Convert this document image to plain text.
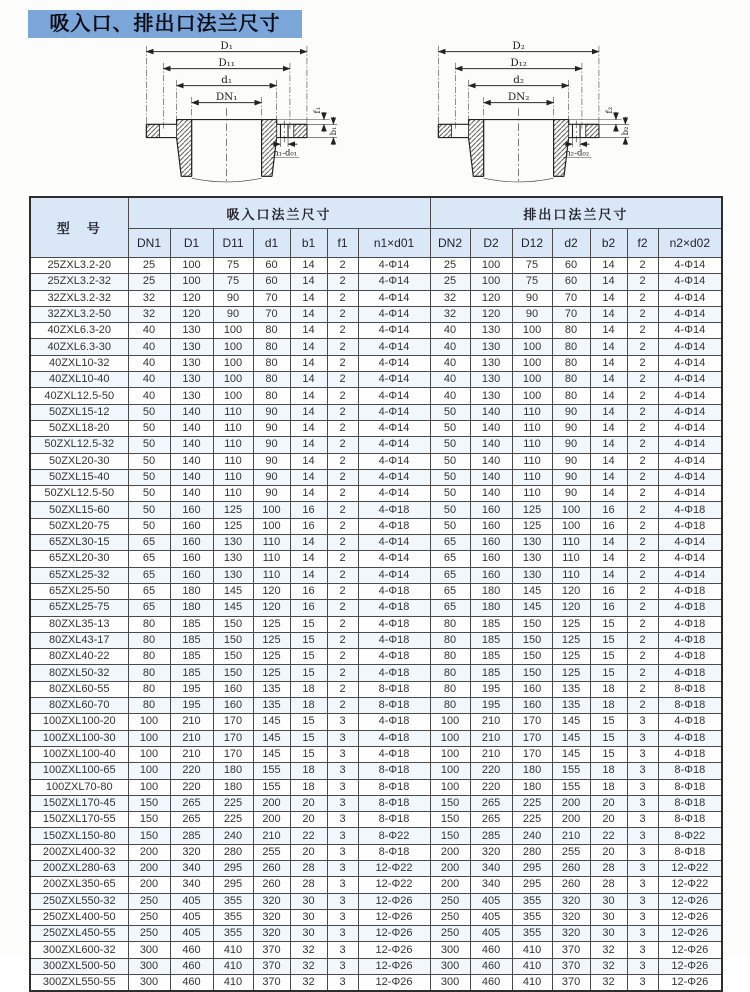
吸入口、排出口法兰尺寸
D₁
D₁₁
d₁
DN₁
f₁
b₁
n₁-d₀₁
D₂
D₁₂
d₂
DN₂
f₂
b₂
n₂-d₀₂
型　号	吸入口法兰尺寸							排出口法兰尺寸						
	DN1	D1	D11	d1	b1	f1	n1×d01	DN2	D2	D12	d2	b2	f2	n2×d02
25ZXL3.2-20	25	100	75	60	14	2	4-Φ14	25	100	75	60	14	2	4-Φ14
25ZXL3.2-32	25	100	75	60	14	2	4-Φ14	25	100	75	60	14	2	4-Φ14
32ZXL3.2-32	32	120	90	70	14	2	4-Φ14	32	120	90	70	14	2	4-Φ14
32ZXL3.2-50	32	120	90	70	14	2	4-Φ14	32	120	90	70	14	2	4-Φ14
40ZXL6.3-20	40	130	100	80	14	2	4-Φ14	40	130	100	80	14	2	4-Φ14
40ZXL6.3-30	40	130	100	80	14	2	4-Φ14	40	130	100	80	14	2	4-Φ14
40ZXL10-32	40	130	100	80	14	2	4-Φ14	40	130	100	80	14	2	4-Φ14
40ZXL10-40	40	130	100	80	14	2	4-Φ14	40	130	100	80	14	2	4-Φ14
40ZXL12.5-50	40	130	100	80	14	2	4-Φ14	40	130	100	80	14	2	4-Φ14
50ZXL15-12	50	140	110	90	14	2	4-Φ14	50	140	110	90	14	2	4-Φ14
50ZXL18-20	50	140	110	90	14	2	4-Φ14	50	140	110	90	14	2	4-Φ14
50ZXL12.5-32	50	140	110	90	14	2	4-Φ14	50	140	110	90	14	2	4-Φ14
50ZXL20-30	50	140	110	90	14	2	4-Φ14	50	140	110	90	14	2	4-Φ14
50ZXL15-40	50	140	110	90	14	2	4-Φ14	50	140	110	90	14	2	4-Φ14
50ZXL12.5-50	50	140	110	90	14	2	4-Φ14	50	140	110	90	14	2	4-Φ14
50ZXL15-60	50	160	125	100	16	2	4-Φ18	50	160	125	100	16	2	4-Φ18
50ZXL20-75	50	160	125	100	16	2	4-Φ18	50	160	125	100	16	2	4-Φ18
65ZXL30-15	65	160	130	110	14	2	4-Φ14	65	160	130	110	14	2	4-Φ14
65ZXL20-30	65	160	130	110	14	2	4-Φ14	65	160	130	110	14	2	4-Φ14
65ZXL25-32	65	160	130	110	14	2	4-Φ14	65	160	130	110	14	2	4-Φ14
65ZXL25-50	65	180	145	120	16	2	4-Φ18	65	180	145	120	16	2	4-Φ18
65ZXL25-75	65	180	145	120	16	2	4-Φ18	65	180	145	120	16	2	4-Φ18
80ZXL35-13	80	185	150	125	15	2	4-Φ18	80	185	150	125	15	2	4-Φ18
80ZXL43-17	80	185	150	125	15	2	4-Φ18	80	185	150	125	15	2	4-Φ18
80ZXL40-22	80	185	150	125	15	2	4-Φ18	80	185	150	125	15	2	4-Φ18
80ZXL50-32	80	185	150	125	15	2	4-Φ18	80	185	150	125	15	2	4-Φ18
80ZXL60-55	80	195	160	135	18	2	8-Φ18	80	195	160	135	18	2	8-Φ18
80ZXL60-70	80	195	160	135	18	2	8-Φ18	80	195	160	135	18	2	8-Φ18
100ZXL100-20	100	210	170	145	15	3	4-Φ18	100	210	170	145	15	3	4-Φ18
100ZXL100-30	100	210	170	145	15	3	4-Φ18	100	210	170	145	15	3	4-Φ18
100ZXL100-40	100	210	170	145	15	3	4-Φ18	100	210	170	145	15	3	4-Φ18
100ZXL100-65	100	220	180	155	18	3	8-Φ18	100	220	180	155	18	3	8-Φ18
100ZXL70-80	100	220	180	155	18	3	8-Φ18	100	220	180	155	18	3	8-Φ18
150ZXL170-45	150	265	225	200	20	3	8-Φ18	150	265	225	200	20	3	8-Φ18
150ZXL170-55	150	265	225	200	20	3	8-Φ18	150	265	225	200	20	3	8-Φ18
150ZXL150-80	150	285	240	210	22	3	8-Φ22	150	285	240	210	22	3	8-Φ22
200ZXL400-32	200	320	280	255	20	3	8-Φ18	200	320	280	255	20	3	8-Φ18
200ZXL280-63	200	340	295	260	28	3	12-Φ22	200	340	295	260	28	3	12-Φ22
200ZXL350-65	200	340	295	260	28	3	12-Φ22	200	340	295	260	28	3	12-Φ22
250ZXL550-32	250	405	355	320	30	3	12-Φ26	250	405	355	320	30	3	12-Φ26
250ZXL400-50	250	405	355	320	30	3	12-Φ26	250	405	355	320	30	3	12-Φ26
250ZXL450-55	250	405	355	320	30	3	12-Φ26	250	405	355	320	30	3	12-Φ26
300ZXL600-32	300	460	410	370	32	3	12-Φ26	300	460	410	370	32	3	12-Φ26
300ZXL500-50	300	460	410	370	32	3	12-Φ26	300	460	410	370	32	3	12-Φ26
300ZXL550-55	300	460	410	370	32	3	12-Φ26	300	460	410	370	32	3	12-Φ26
